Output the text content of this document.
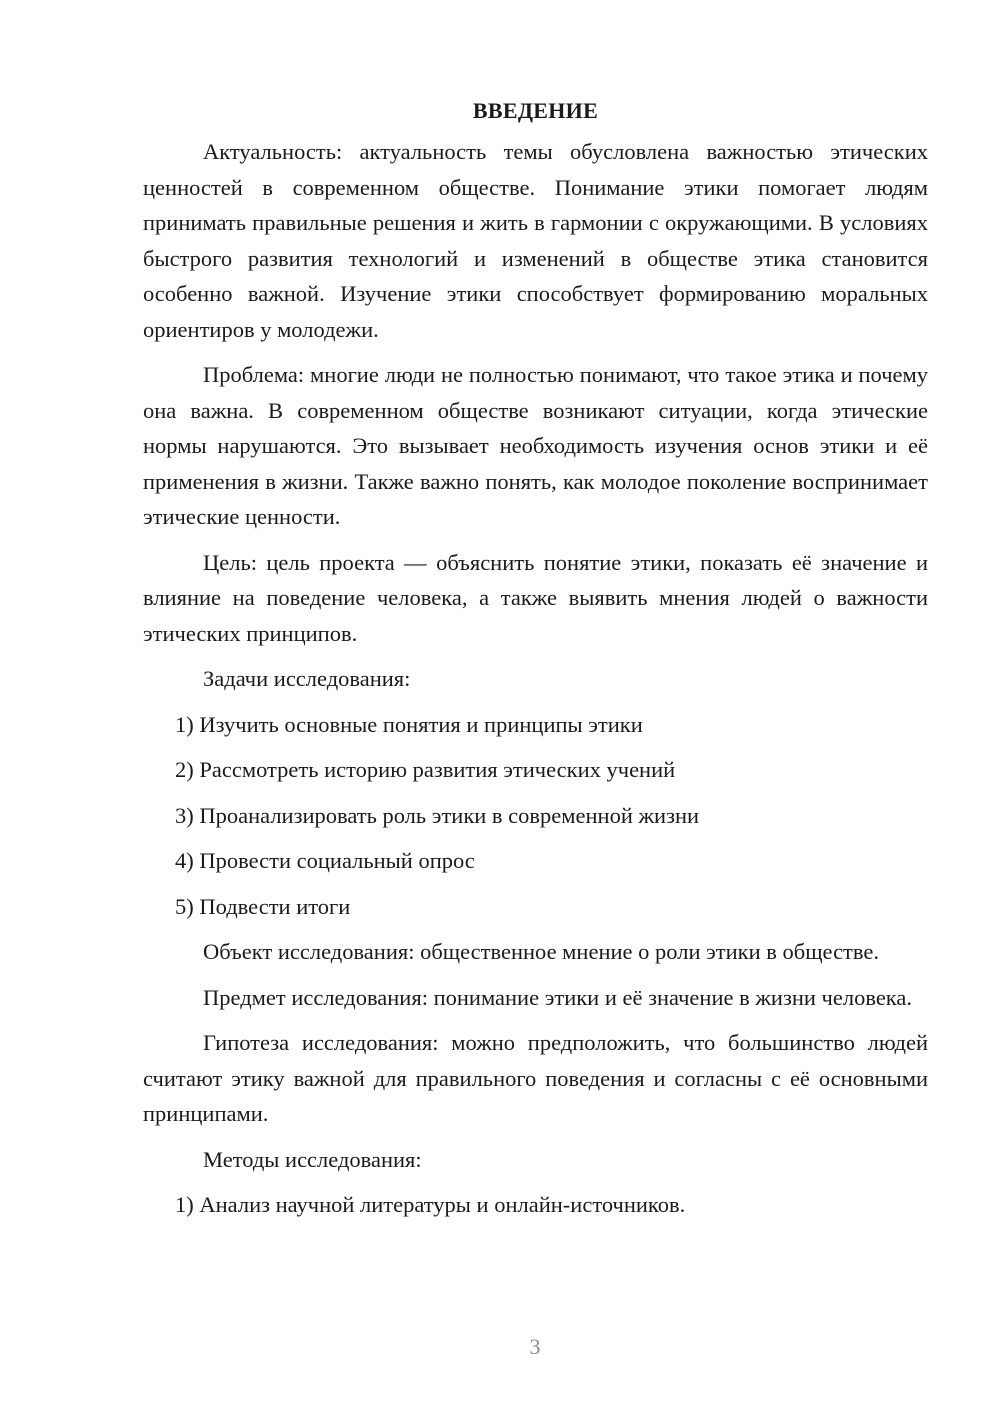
ВВЕДЕНИЕ

Актуальность: актуальность темы обусловлена важностью этических ценностей в современном обществе. Понимание этики помогает людям принимать правильные решения и жить в гармонии с окружающими. В условиях быстрого развития технологий и изменений в обществе этика становится особенно важной. Изучение этики способствует формированию моральных ориентиров у молодежи.

Проблема: многие люди не полностью понимают, что такое этика и почему она важна. В современном обществе возникают ситуации, когда этические нормы нарушаются. Это вызывает необходимость изучения основ этики и её применения в жизни. Также важно понять, как молодое поколение воспринимает этические ценности.

Цель: цель проекта — объяснить понятие этики, показать её значение и влияние на поведение человека, а также выявить мнения людей о важности этических принципов.

Задачи исследования:

1) Изучить основные понятия и принципы этики

2) Рассмотреть историю развития этических учений

3) Проанализировать роль этики в современной жизни

4) Провести социальный опрос

5) Подвести итоги

Объект исследования: общественное мнение о роли этики в обществе.

Предмет исследования: понимание этики и её значение в жизни человека.

Гипотеза исследования: можно предположить, что большинство людей считают этику важной для правильного поведения и согласны с её основными принципами.

Методы исследования:

1) Анализ научной литературы и онлайн-источников.

3
